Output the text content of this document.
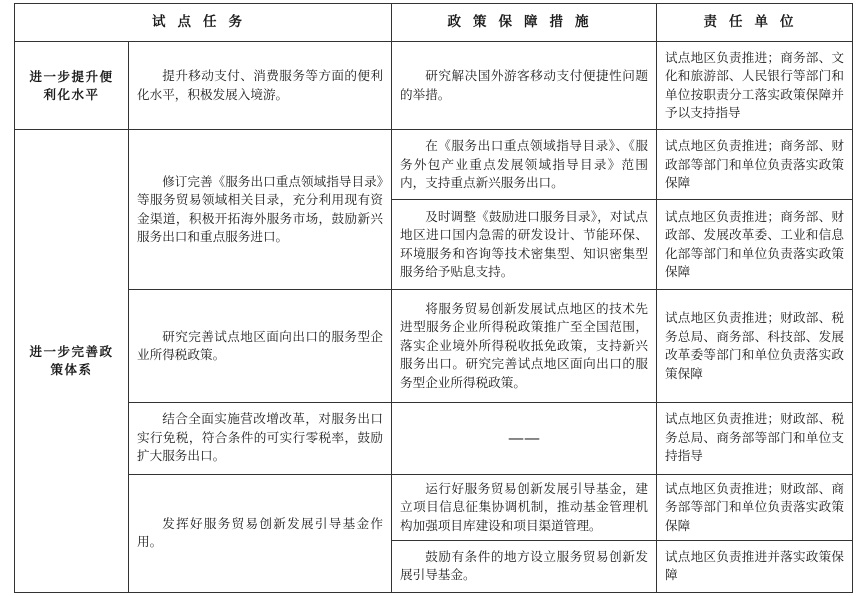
试点任务		政策保障措施	责任单位
进一步提升便利化水平	提升移动支付、消费服务等方面的便利化水平，积极发展入境游。	研究解决国外游客移动支付便捷性问题的举措。	试点地区负责推进；商务部、文化和旅游部、人民银行等部门和单位按职责分工落实政策保障并予以支持指导
进一步完善政策体系	修订完善《服务出口重点领域指导目录》等服务贸易领域相关目录，充分利用现有资金渠道，积极开拓海外服务市场，鼓励新兴服务出口和重点服务进口。	在《服务出口重点领域指导目录》、《服务外包产业重点发展领域指导目录》范围内，支持重点新兴服务出口。	试点地区负责推进；商务部、财政部等部门和单位负责落实政策保障
		及时调整《鼓励进口服务目录》，对试点地区进口国内急需的研发设计、节能环保、环境服务和咨询等技术密集型、知识密集型服务给予贴息支持。	试点地区负责推进；商务部、财政部、发展改革委、工业和信息化部等部门和单位负责落实政策保障
	研究完善试点地区面向出口的服务型企业所得税政策。	将服务贸易创新发展试点地区的技术先进型服务企业所得税政策推广至全国范围，落实企业境外所得税收抵免政策，支持新兴服务出口。研究完善试点地区面向出口的服务型企业所得税政策。	试点地区负责推进；财政部、税务总局、商务部、科技部、发展改革委等部门和单位负责落实政策保障
	结合全面实施营改增改革，对服务出口实行免税，符合条件的可实行零税率，鼓励扩大服务出口。	——	试点地区负责推进；财政部、税务总局、商务部等部门和单位支持指导
	发挥好服务贸易创新发展引导基金作用。	运行好服务贸易创新发展引导基金，建立项目信息征集协调机制，推动基金管理机构加强项目库建设和项目渠道管理。	试点地区负责推进；财政部、商务部等部门和单位负责落实政策保障
		鼓励有条件的地方设立服务贸易创新发展引导基金。	试点地区负责推进并落实政策保障
